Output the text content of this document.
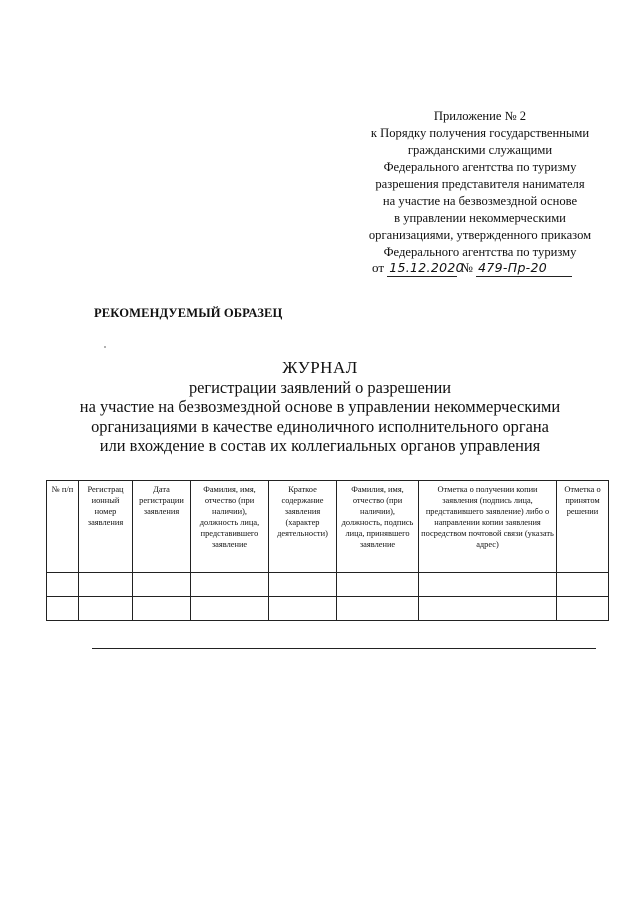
Приложение № 2
к Порядку получения государственными
гражданскими служащими
Федерального агентства по туризму
разрешения представителя нанимателя
на участие на безвозмездной основе
в управлении некоммерческими
организациями, утвержденного приказом
Федерального агентства по туризму
от 15.12.2020 № 479-Пр-20
РЕКОМЕНДУЕМЫЙ ОБРАЗЕЦ
ЖУРНАЛ
регистрации заявлений о разрешении
на участие на безвозмездной основе в управлении некоммерческими
организациями в качестве единоличного исполнительного органа
или вхождение в состав их коллегиальных органов управления
№ п/п	Регистрац ионный номер заявления	Дата регистрации заявления	Фамилия, имя, отчество (при наличии), должность лица, представившего заявление	Краткое содержание заявления (характер деятельности)	Фамилия, имя, отчество (при наличии), должность, подпись лица, принявшего заявление	Отметка о получении копии заявления (подпись лица, представившего заявление) либо о направлении копии заявления посредством почтовой связи (указать адрес)	Отметка о принятом решении
